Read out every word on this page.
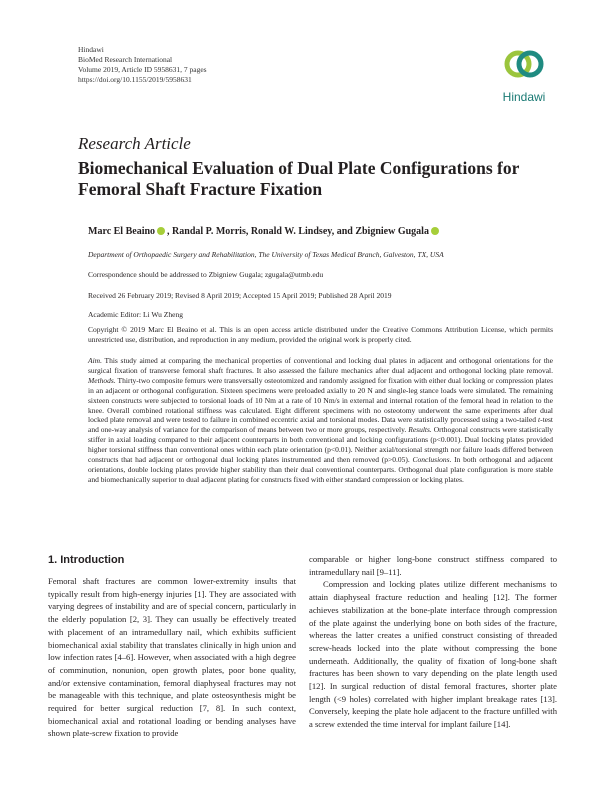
Hindawi
BioMed Research International
Volume 2019, Article ID 5958631, 7 pages
https://doi.org/10.1155/2019/5958631
Hindawi
Research Article
Biomechanical Evaluation of Dual Plate Configurations for Femoral Shaft Fracture Fixation
Marc El Beaino , Randal P. Morris, Ronald W. Lindsey, and Zbigniew Gugala
Department of Orthopaedic Surgery and Rehabilitation, The University of Texas Medical Branch, Galveston, TX, USA
Correspondence should be addressed to Zbigniew Gugala; zgugala@utmb.edu
Received 26 February 2019; Revised 8 April 2019; Accepted 15 April 2019; Published 28 April 2019
Academic Editor: Li Wu Zheng
Copyright © 2019 Marc El Beaino et al. This is an open access article distributed under the Creative Commons Attribution License, which permits unrestricted use, distribution, and reproduction in any medium, provided the original work is properly cited.
Aim. This study aimed at comparing the mechanical properties of conventional and locking dual plates in adjacent and orthogonal orientations for the surgical fixation of transverse femoral shaft fractures. It also assessed the failure mechanics after dual adjacent and orthogonal locking plate removal. Methods. Thirty-two composite femurs were transversally osteotomized and randomly assigned for fixation with either dual locking or compression plates in an adjacent or orthogonal configuration. Sixteen specimens were preloaded axially to 20 N and single-leg stance loads were simulated. The remaining sixteen constructs were subjected to torsional loads of 10 Nm at a rate of 10 Nm/s in external and internal rotation of the femoral head in relation to the knee. Overall combined rotational stiffness was calculated. Eight different specimens with no osteotomy underwent the same experiments after dual locked plate removal and were tested to failure in combined eccentric axial and torsional modes. Data were statistically processed using a two-tailed t-test and one-way analysis of variance for the comparison of means between two or more groups, respectively. Results. Orthogonal constructs were statistically stiffer in axial loading compared to their adjacent counterparts in both conventional and locking configurations (p<0.001). Dual locking plates provided higher torsional stiffness than conventional ones within each plate orientation (p<0.01). Neither axial/torsional strength nor failure loads differed between constructs that had adjacent or orthogonal dual locking plates instrumented and then removed (p>0.05). Conclusions. In both orthogonal and adjacent orientations, double locking plates provide higher stability than their dual conventional counterparts. Orthogonal dual plate configuration is more stable and biomechanically superior to dual adjacent plating for constructs fixed with either standard compression or locking plates.
1. Introduction

Femoral shaft fractures are common lower-extremity insults that typically result from high-energy injuries [1]. They are associated with varying degrees of instability and are of special concern, particularly in the elderly population [2, 3]. They can usually be effectively treated with placement of an intramedullary nail, which exhibits sufficient biomechanical axial stability that translates clinically in high union and low infection rates [4–6]. However, when associated with a high degree of comminution, nonunion, open growth plates, poor bone quality, and/or extensive contamination, femoral diaphyseal fractures may not be manageable with this technique, and plate osteosynthesis might be required for better surgical reduction [7, 8]. In such context, biomechanical axial and rotational loading or bending analyses have shown plate-screw fixation to provide

comparable or higher long-bone construct stiffness compared to intramedullary nail [9–11].

Compression and locking plates utilize different mechanisms to attain diaphyseal fracture reduction and healing [12]. The former achieves stabilization at the bone-plate interface through compression of the plate against the underlying bone on both sides of the fracture, whereas the latter creates a unified construct consisting of threaded screw-heads locked into the plate without compressing the bone underneath. Additionally, the quality of fixation of long-bone shaft fractures has been shown to vary depending on the plate length used [12]. In surgical reduction of distal femoral fractures, shorter plate length (<9 holes) correlated with higher implant breakage rates [13]. Conversely, keeping the plate hole adjacent to the fracture unfilled with a screw extended the time interval for implant failure [14].
